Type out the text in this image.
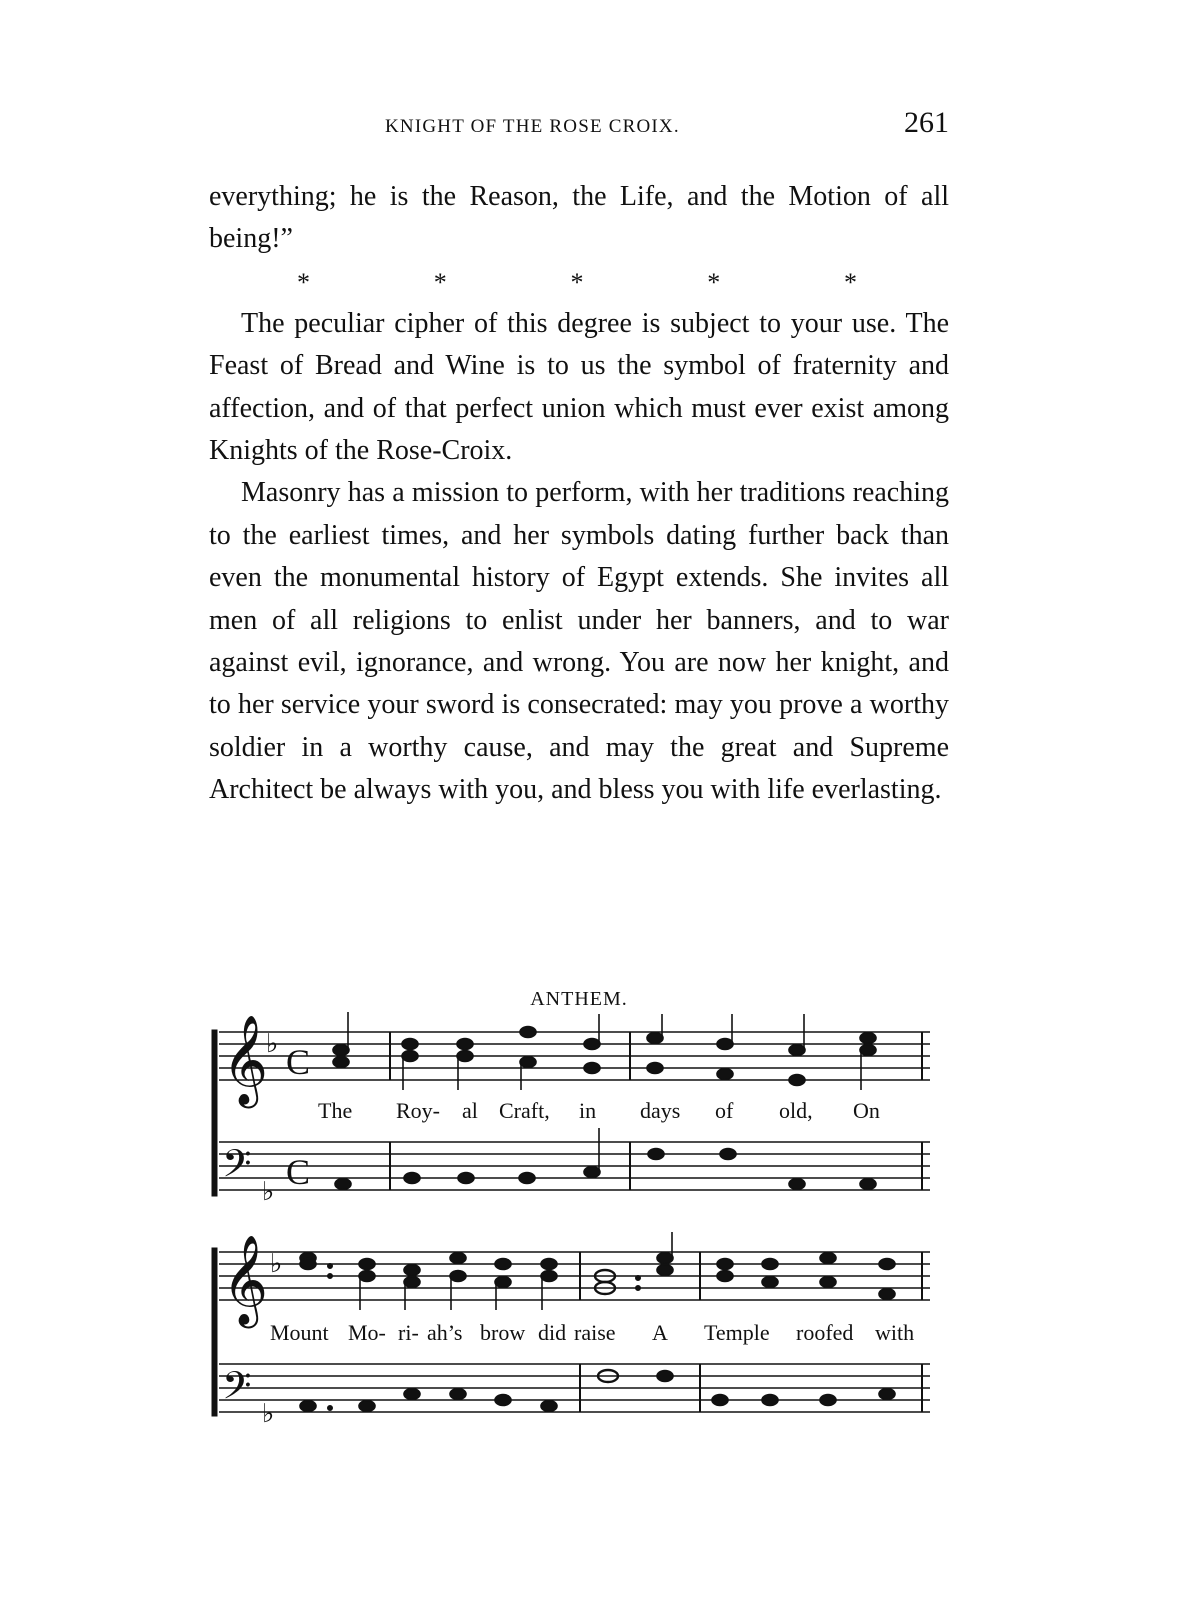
KNIGHT OF THE ROSE CROIX.	261

everything; he is the Reason, the Life, and the Motion of all being!”

*	*	*	*	*

The peculiar cipher of this degree is subject to your use. The Feast of Bread and Wine is to us the symbol of fraternity and affection, and of that perfect union which must ever exist among Knights of the Rose-Croix.

Masonry has a mission to perform, with her traditions reaching to the earliest times, and her symbols dating further back than even the monumental history of Egypt extends. She invites all men of all religions to enlist under her banners, and to war against evil, ignorance, and wrong. You are now her knight, and to her service your sword is consecrated: may you prove a worthy soldier in a worthy cause, and may the great and Supreme Architect be always with you, and bless you with life everlasting.

ANTHEM.
𝄞
𝄢
♭
♭
C
C
𝄞
𝄢
♭
♭
The Roy- al Craft, in days of old, On
Mount Mo- ri- ah’s brow did raise A Temple roofed with
